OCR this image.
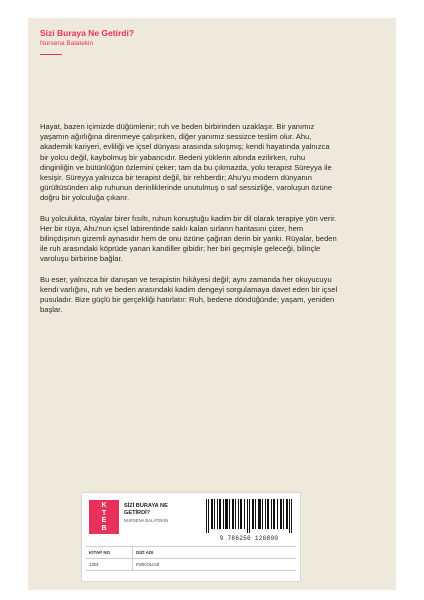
Sizi Buraya Ne Getirdi?
Nursena Balatekin

Hayat, bazen içimizde düğümlenir; ruh ve beden birbirinden uzaklaşır. Bir yanımız yaşamın ağırlığına direnmeye çalışırken, diğer yanımız sessizce teslim olur. Ahu, akademik kariyeri, evliliği ve içsel dünyası arasında sıkışmış; kendi hayatında yalnızca bir yolcu değil, kaybolmuş bir yabancıdır. Bedeni yüklerin altında ezilirken, ruhu dinginliğin ve bütünlüğün özlemini çeker; tam da bu çıkmazda, yolu terapist Süreyya ile kesişir. Süreyya yalnızca bir terapist değil, bir rehberdir; Ahu'yu modern dünyanın gürültüsünden alıp ruhunun derinliklerinde unutulmuş o saf sessizliğe, varoluşun özüne doğru bir yolculuğa çıkarır.

Bu yolculukta, rüyalar birer fısıltı, ruhun konuştuğu kadim bir dil olarak terapiye yön verir. Her bir rüya, Ahu'nun içsel labirentinde saklı kalan sırların haritasını çizer, hem bilinçdışının gizemli aynasıdır hem de onu özüne çağıran derin bir yankı. Rüyalar, beden ile ruh arasındaki köprüde yanan kandiller gibidir; her biri geçmişle geleceği, bilinçle varoluşu birbirine bağlar.

Bu eser, yalnızca bir danışan ve terapistin hikâyesi değil; aynı zamanda her okuyucuyu kendi varlığını, ruh ve beden arasındaki kadim dengeyi sorgulamaya davet eden bir içsel pusuladır. Bize güçlü bir gerçekliği hatırlatır: Ruh, bedene döndüğünde; yaşam, yeniden başlar.

K
T
E
B
SİZİ BURAYA NE GETİRDİ?
NURSENA BALATEKİN
9 786256 126800
KİTAP NO	DİZİ ADI
1301	PSİKOLOJİ
